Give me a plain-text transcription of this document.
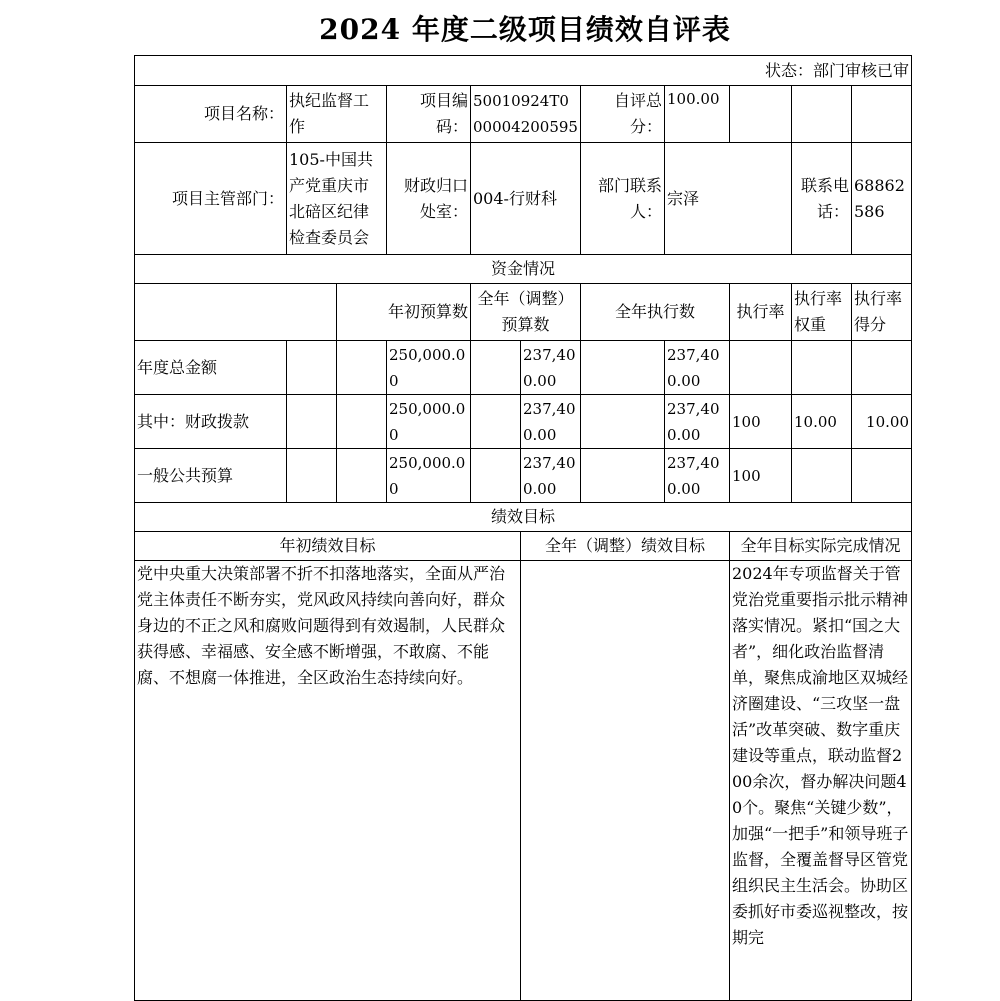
2024 年度二级项目绩效自评表
状态：部门审核已审										
项目名称：	执纪监督工作		项目编码：	50010924T000004200595		自评总分：	100.00			
项目主管部门：	105-中国共产党重庆市北碚区纪律检查委员会		财政归口处室：	004-行财科		部门联系人：	宗泽		联系电话：	68862586
资金情况										
		年初预算数		全年（调整）预算数		全年执行数		执行率	执行率权重	执行率得分
年度总金额			250,000.00		237,400.00		237,400.00			
其中：财政拨款			250,000.00		237,400.00		237,400.00	100	10.00	10.00
一般公共预算			250,000.00		237,400.00		237,400.00	100		
绩效目标										
年初绩效目标					全年（调整）绩效目标			全年目标实际完成情况		
党中央重大决策部署不折不扣落地落实，全面从严治党主体责任不断夯实，党风政风持续向善向好，群众身边的不正之风和腐败问题得到有效遏制，人民群众获得感、幸福感、安全感不断增强，不敢腐、不能腐、不想腐一体推进，全区政治生态持续向好。								2024年专项监督关于管党治党重要指示批示精神落实情况。紧扣“国之大者”，细化政治监督清单，聚焦成渝地区双城经济圈建设、“三攻坚一盘活”改革突破、数字重庆建设等重点，联动监督200余次，督办解决问题40个。聚焦“关键少数”，加强“一把手”和领导班子监督，全覆盖督导区管党组织民主生活会。协助区委抓好市委巡视整改，按期完		
